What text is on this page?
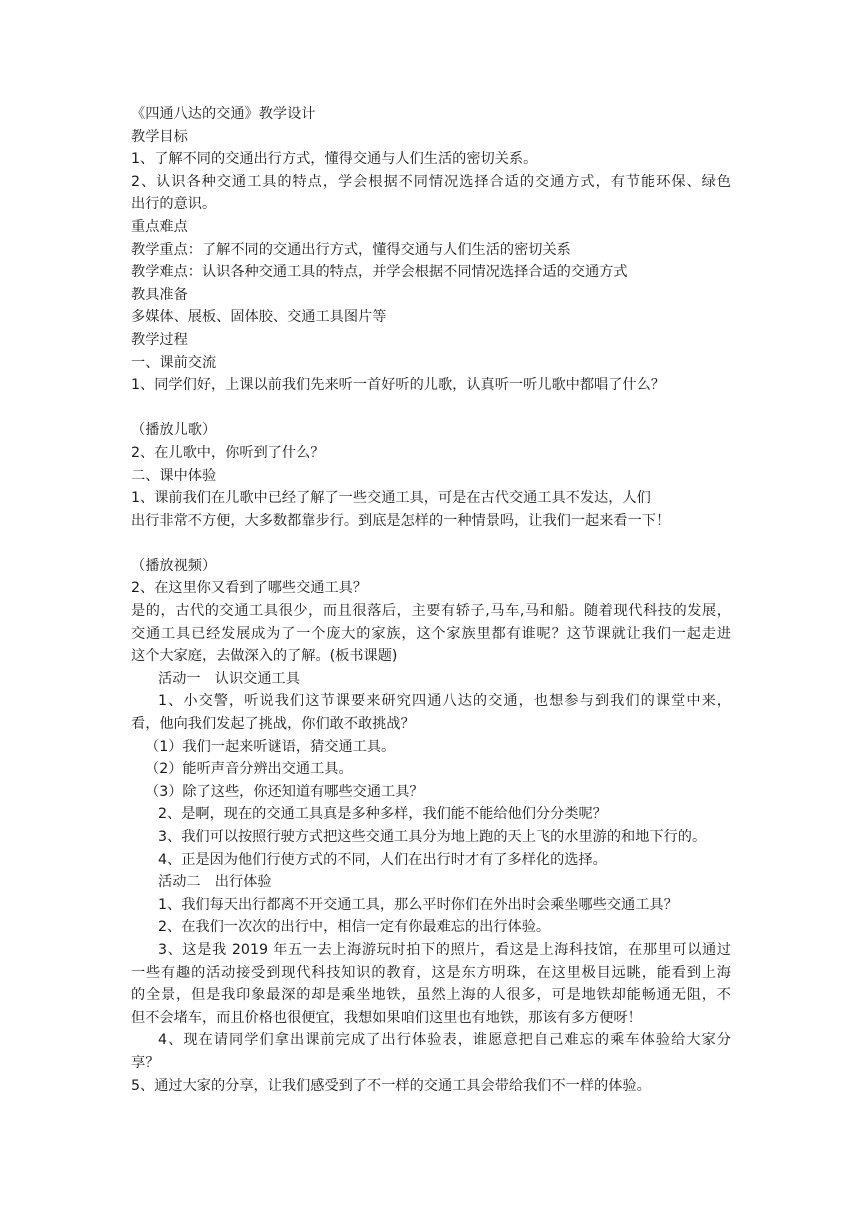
《四通八达的交通》教学设计
教学目标
1、了解不同的交通出行方式，懂得交通与人们生活的密切关系。
2、认识各种交通工具的特点，学会根据不同情况选择合适的交通方式，有节能环保、绿色
出行的意识。
重点难点
教学重点：了解不同的交通出行方式，懂得交通与人们生活的密切关系
教学难点：认识各种交通工具的特点，并学会根据不同情况选择合适的交通方式
教具准备
多媒体、展板、固体胶、交通工具图片等
教学过程
一、课前交流
1、同学们好，上课以前我们先来听一首好听的儿歌，认真听一听儿歌中都唱了什么？
（播放儿歌）
2、在儿歌中，你听到了什么？
二、课中体验
1、课前我们在儿歌中已经了解了一些交通工具，可是在古代交通工具不发达，人们
出行非常不方便，大多数都靠步行。到底是怎样的一种情景吗，让我们一起来看一下！
（播放视频）
2、在这里你又看到了哪些交通工具？
是的，古代的交通工具很少，而且很落后，主要有轿子,马车,马和船。随着现代科技的发展，
交通工具已经发展成为了一个庞大的家族，这个家族里都有谁呢？这节课就让我们一起走进
这个大家庭，去做深入的了解。(板书课题)
活动一　认识交通工具
1、小交警，听说我们这节课要来研究四通八达的交通，也想参与到我们的课堂中来，
看，他向我们发起了挑战，你们敢不敢挑战？
（1）我们一起来听谜语，猜交通工具。
（2）能听声音分辨出交通工具。
（3）除了这些，你还知道有哪些交通工具？
2、是啊，现在的交通工具真是多种多样，我们能不能给他们分分类呢？
3、我们可以按照行驶方式把这些交通工具分为地上跑的天上飞的水里游的和地下行的。
4、正是因为他们行使方式的不同，人们在出行时才有了多样化的选择。
活动二　出行体验
1、我们每天出行都离不开交通工具，那么平时你们在外出时会乘坐哪些交通工具？
2、在我们一次次的出行中，相信一定有你最难忘的出行体验。
3、这是我 2019 年五一去上海游玩时拍下的照片，看这是上海科技馆，在那里可以通过
一些有趣的活动接受到现代科技知识的教育，这是东方明珠，在这里极目远眺，能看到上海
的全景，但是我印象最深的却是乘坐地铁，虽然上海的人很多，可是地铁却能畅通无阻，不
但不会堵车，而且价格也很便宜，我想如果咱们这里也有地铁，那该有多方便呀！
4、现在请同学们拿出课前完成了出行体验表，谁愿意把自己难忘的乘车体验给大家分
享？
5、通过大家的分享，让我们感受到了不一样的交通工具会带给我们不一样的体验。
